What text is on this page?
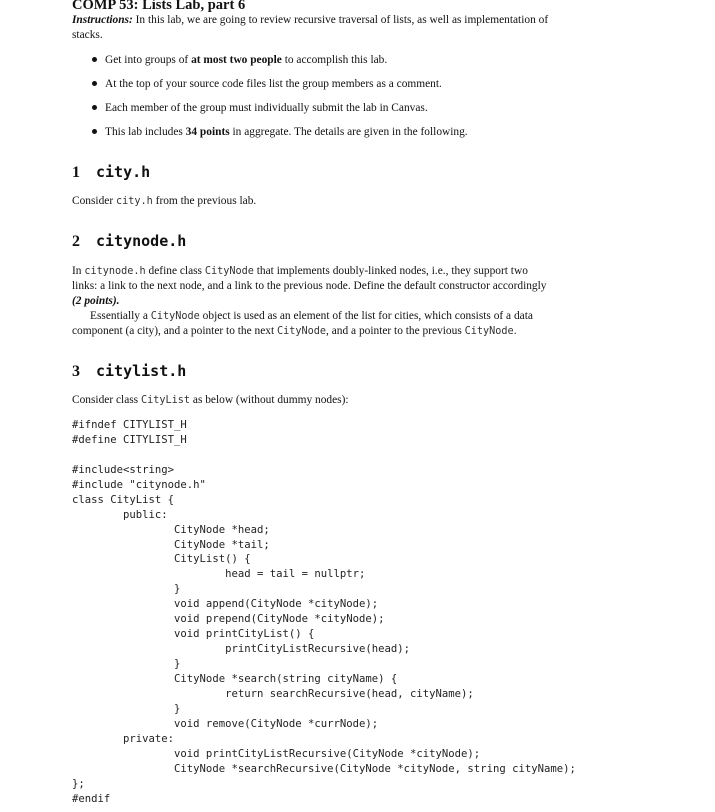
COMP 53: Lists Lab, part 6
Instructions: In this lab, we are going to review recursive traversal of lists, as well as implementation of
stacks.
Get into groups of at most two people to accomplish this lab.
At the top of your source code files list the group members as a comment.
Each member of the group must individually submit the lab in Canvas.
This lab includes 34 points in aggregate. The details are given in the following.
1 city.h
Consider city.h from the previous lab.
2 citynode.h
In citynode.h define class CityNode that implements doubly-linked nodes, i.e., they support two
links: a link to the next node, and a link to the previous node. Define the default constructor accordingly
(2 points).
Essentially a CityNode object is used as an element of the list for cities, which consists of a data
component (a city), and a pointer to the next CityNode, and a pointer to the previous CityNode.
3 citylist.h
Consider class CityList as below (without dummy nodes):
#ifndef CITYLIST_H
#define CITYLIST_H
#include<string>
#include "citynode.h"
class CityList {
public:
CityNode *head;
CityNode *tail;
CityList() {
head = tail = nullptr;
}
void append(CityNode *cityNode);
void prepend(CityNode *cityNode);
void printCityList() {
printCityListRecursive(head);
}
CityNode *search(string cityName) {
return searchRecursive(head, cityName);
}
void remove(CityNode *currNode);
private:
void printCityListRecursive(CityNode *cityNode);
CityNode *searchRecursive(CityNode *cityNode, string cityName);
};
#endif
